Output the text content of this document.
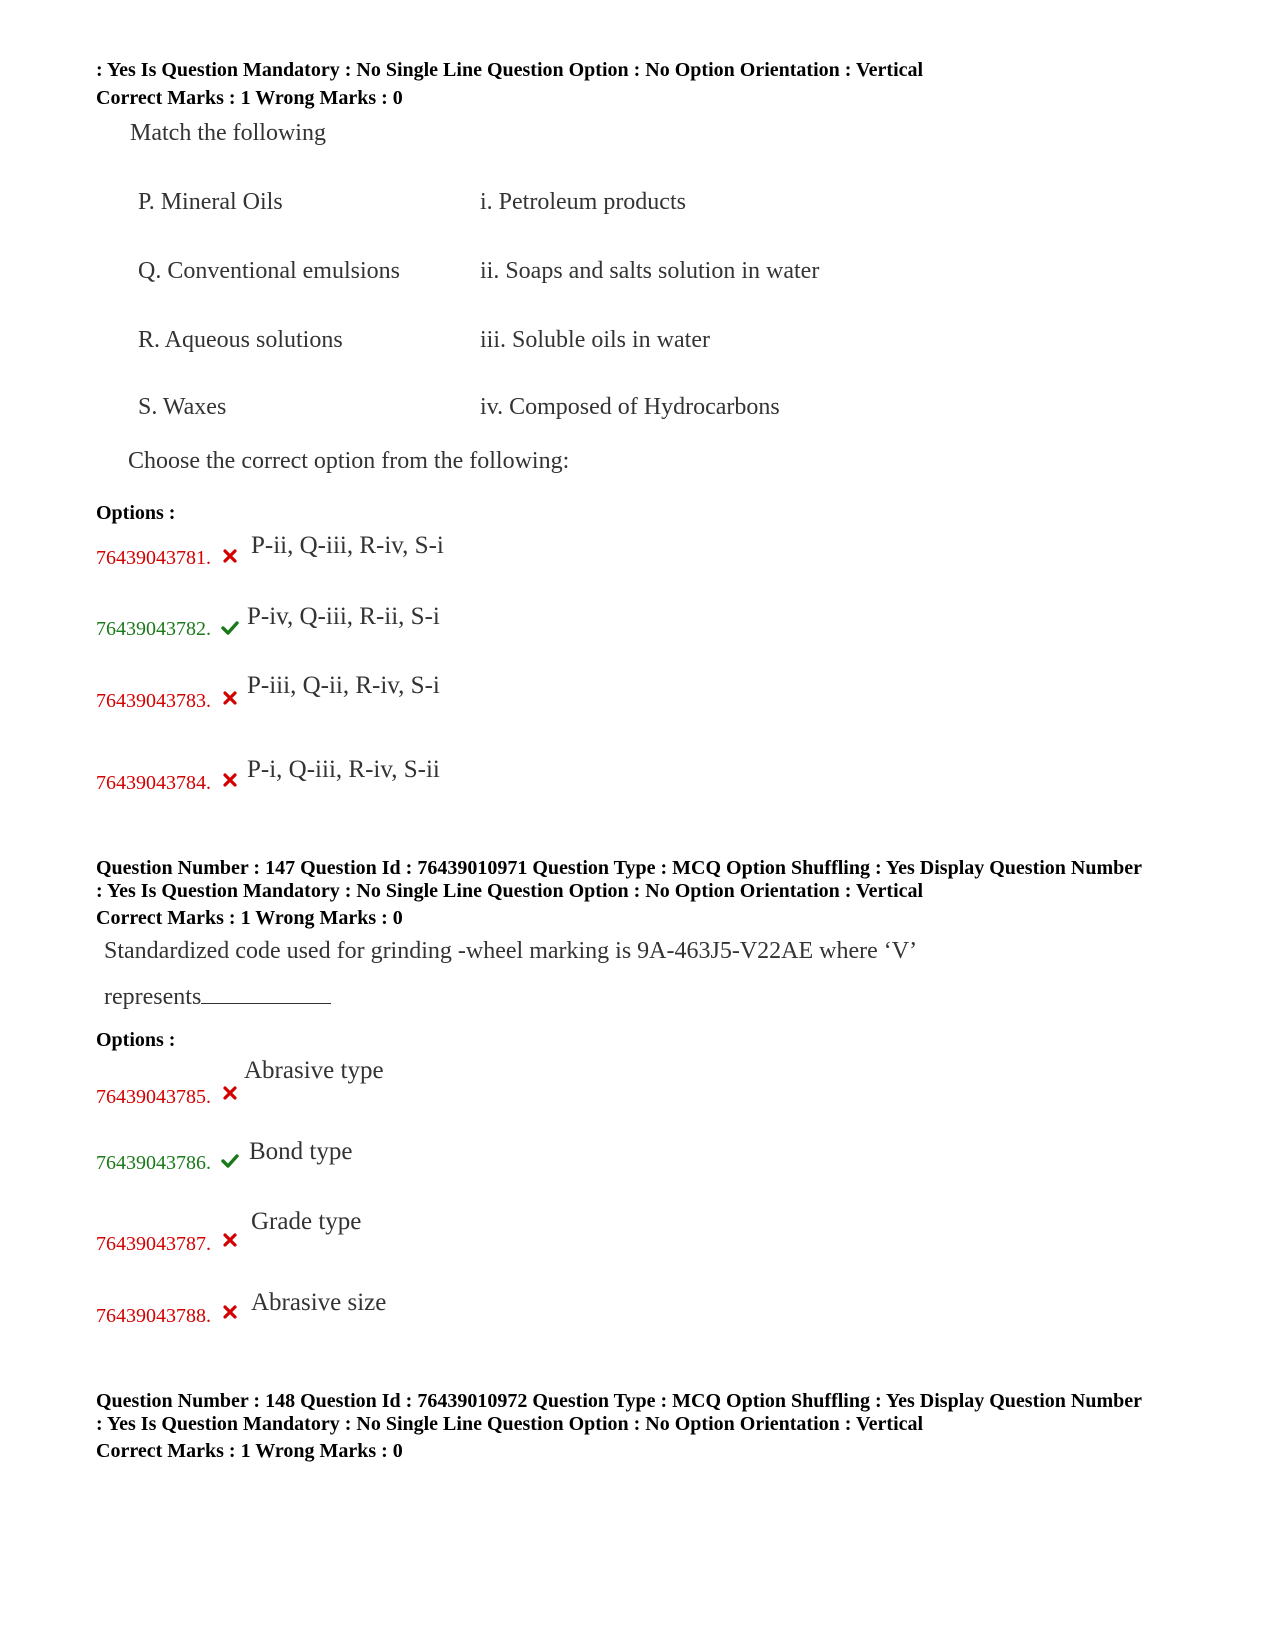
: Yes Is Question Mandatory : No Single Line Question Option : No Option Orientation : Vertical
Correct Marks : 1 Wrong Marks : 0
Match the following
P. Mineral Oils	i. Petroleum products
Q. Conventional emulsions	ii. Soaps and salts solution in water
R. Aqueous solutions	iii. Soluble oils in water
S. Waxes	iv. Composed of Hydrocarbons
Choose the correct option from the following:
Options :
76439043781. P-ii, Q-iii, R-iv, S-i
76439043782. P-iv, Q-iii, R-ii, S-i
76439043783.
P-iii, Q-ii, R-iv, S-i
76439043784. P-i, Q-iii, R-iv, S-ii
Question Number : 147 Question Id : 76439010971 Question Type : MCQ Option Shuffling : Yes Display Question Number
: Yes Is Question Mandatory : No Single Line Question Option : No Option Orientation : Vertical
Correct Marks : 1 Wrong Marks : 0
Standardized code used for grinding -wheel marking is 9A-463J5-V22AE where ‘V’
represents
Options :
76439043785.
Abrasive type
76439043786. Bond type
76439043787.
Grade type
76439043788. Abrasive size
Question Number : 148 Question Id : 76439010972 Question Type : MCQ Option Shuffling : Yes Display Question Number
: Yes Is Question Mandatory : No Single Line Question Option : No Option Orientation : Vertical
Correct Marks : 1 Wrong Marks : 0
